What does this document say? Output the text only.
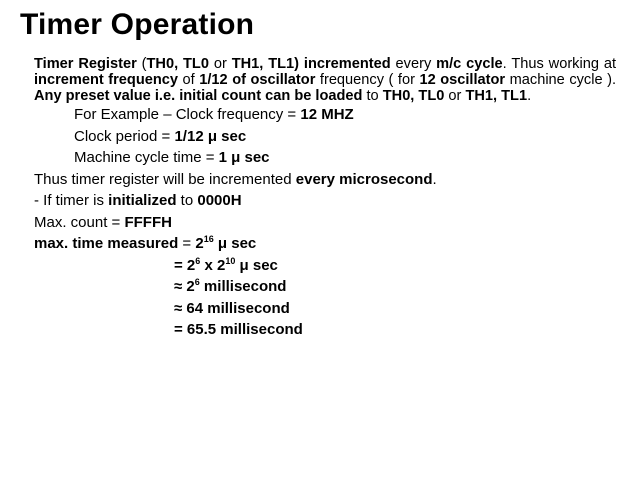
Timer Operation

Timer Register (TH0, TL0 or TH1, TL1) incremented every m/c cycle. Thus working at increment frequency of 1/12 of oscillator frequency ( for 12 oscillator machine cycle ). Any preset value i.e. initial count can be loaded to TH0, TL0 or TH1, TL1.

For Example – Clock frequency = 12 MHZ

Clock period = 1/12 μ sec

Machine cycle time = 1 μ sec

Thus timer register will be incremented every microsecond.

- If timer is initialized to 0000H

Max. count = FFFFH

max. time measured = $2^{16}$ μ sec

= $2^6$ x $2^{10}$ μ sec

≈ $2^6$ millisecond

≈ 64 millisecond

= 65.5 millisecond
